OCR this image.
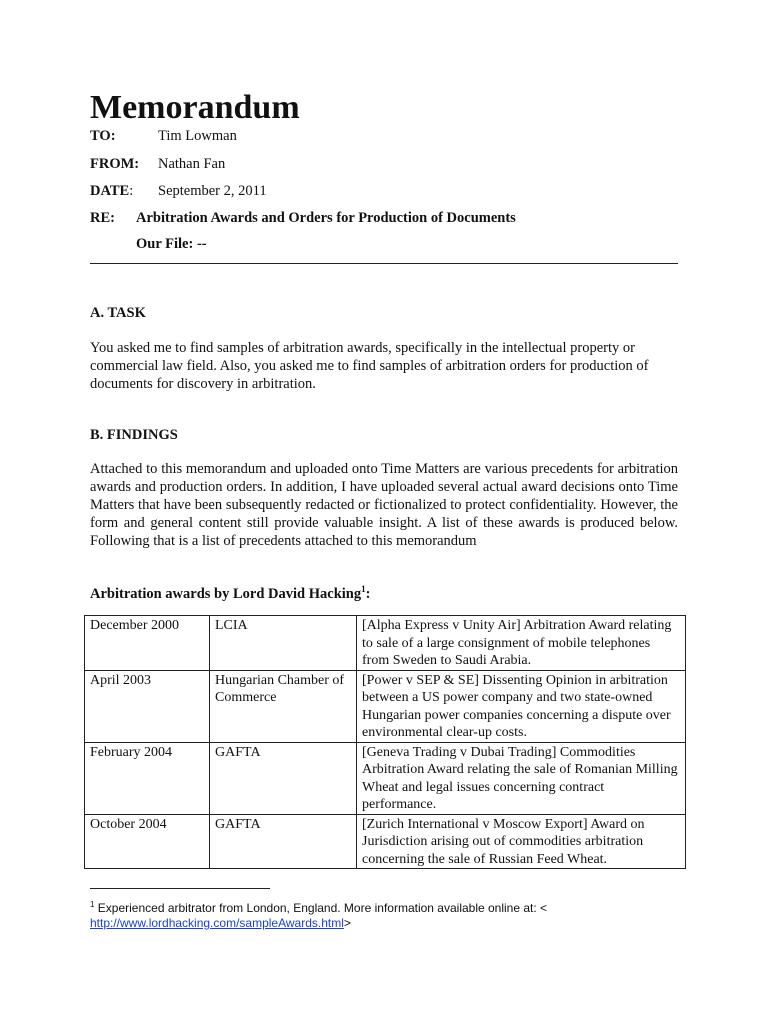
Memorandum
TO:	Tim Lowman
FROM: Nathan Fan
DATE: September 2, 2011
RE: Arbitration Awards and Orders for Production of Documents
Our File: --
A. TASK
You asked me to find samples of arbitration awards, specifically in the intellectual property or commercial law field. Also, you asked me to find samples of arbitration orders for production of documents for discovery in arbitration.
B. FINDINGS
Attached to this memorandum and uploaded onto Time Matters are various precedents for arbitration awards and production orders. In addition, I have uploaded several actual award decisions onto Time Matters that have been subsequently redacted or fictionalized to protect confidentiality. However, the form and general content still provide valuable insight. A list of these awards is produced below. Following that is a list of precedents attached to this memorandum
Arbitration awards by Lord David Hacking$^1$:
December 2000	LCIA	[Alpha Express v Unity Air] Arbitration Award relating to sale of a large consignment of mobile telephones from Sweden to Saudi Arabia.
April 2003	Hungarian Chamber of Commerce	[Power v SEP & SE] Dissenting Opinion in arbitration between a US power company and two state-owned Hungarian power companies concerning a dispute over environmental clear-up costs.
February 2004	GAFTA	[Geneva Trading v Dubai Trading] Commodities Arbitration Award relating the sale of Romanian Milling Wheat and legal issues concerning contract performance.
October 2004	GAFTA	[Zurich International v Moscow Export] Award on Jurisdiction arising out of commodities arbitration concerning the sale of Russian Feed Wheat.
$^1$ Experienced arbitrator from London, England. More information available online at: <
http://www.lordhacking.com/sampleAwards.html>
